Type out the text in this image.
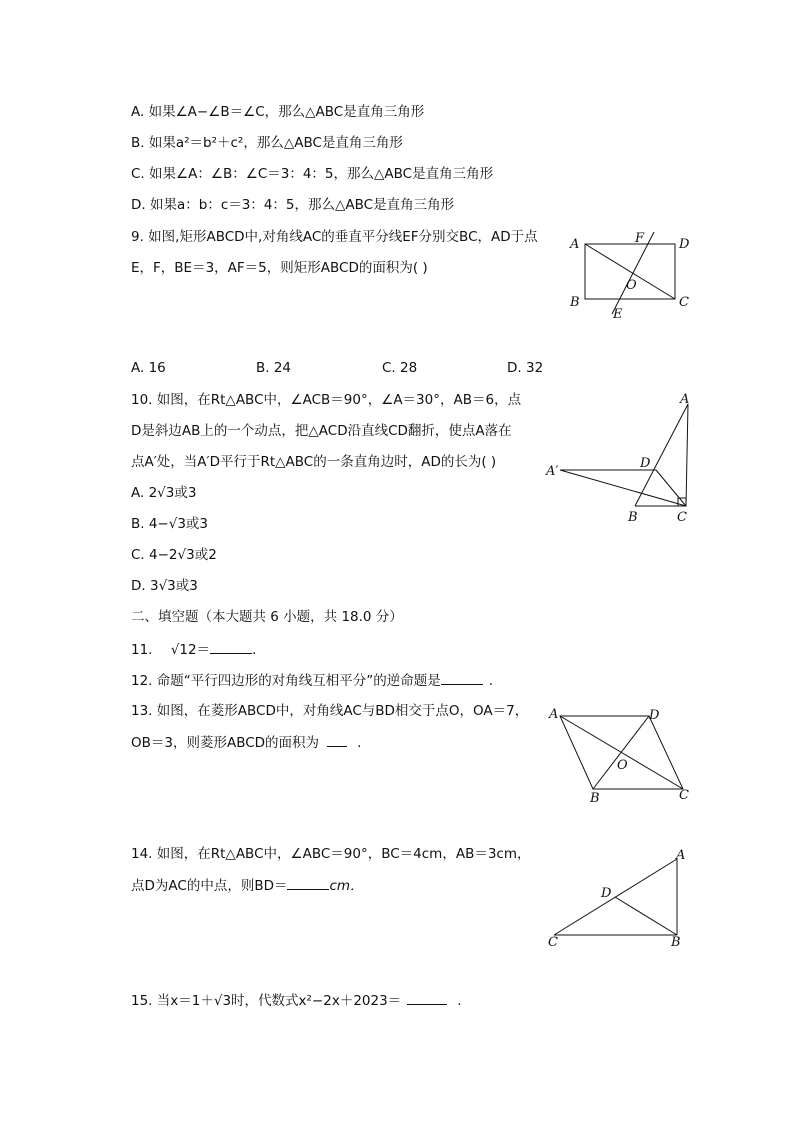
A. 如果∠A−∠B＝∠C，那么△ABC是直角三角形
B. 如果a²＝b²＋c²，那么△ABC是直角三角形
C. 如果∠A：∠B：∠C＝3：4：5，那么△ABC是直角三角形
D. 如果a：b：c＝3：4：5，那么△ABC是直角三角形
9. 如图,矩形ABCD中,对角线AC的垂直平分线EF分别交BC，AD于点
E，F，BE＝3，AF＝5，则矩形ABCD的面积为( )
A	F	D
O
B	C
E
A. 16	B. 24	C. 28	D. 32
10. 如图，在Rt△ABC中，∠ACB＝90°，∠A＝30°，AB＝6，点
D是斜边AB上的一个动点，把△ACD沿直线CD翻折，使点A落在
点A′处，当A′D平行于Rt△ABC的一条直角边时，AD的长为( )
A. 2√3或3
B. 4−√3或3
C. 4−2√3或2
D. 3√3或3
A
D
A′
B	C
二、填空题（本大题共 6 小题，共 18.0 分）
11. √12＝	.
12. 命题“平行四边形的对角线互相平分”的逆命题是	.
13. 如图，在菱形ABCD中，对角线AC与BD相交于点O，OA＝7，
OB＝3，则菱形ABCD的面积为	.
A	D
O
B	C
14. 如图，在Rt△ABC中，∠ABC＝90°，BC＝4cm，AB＝3cm，
点D为AC的中点，则BD＝	cm．
A
D
C	B
15. 当x＝1＋√3时，代数式x²−2x＋2023＝	.
